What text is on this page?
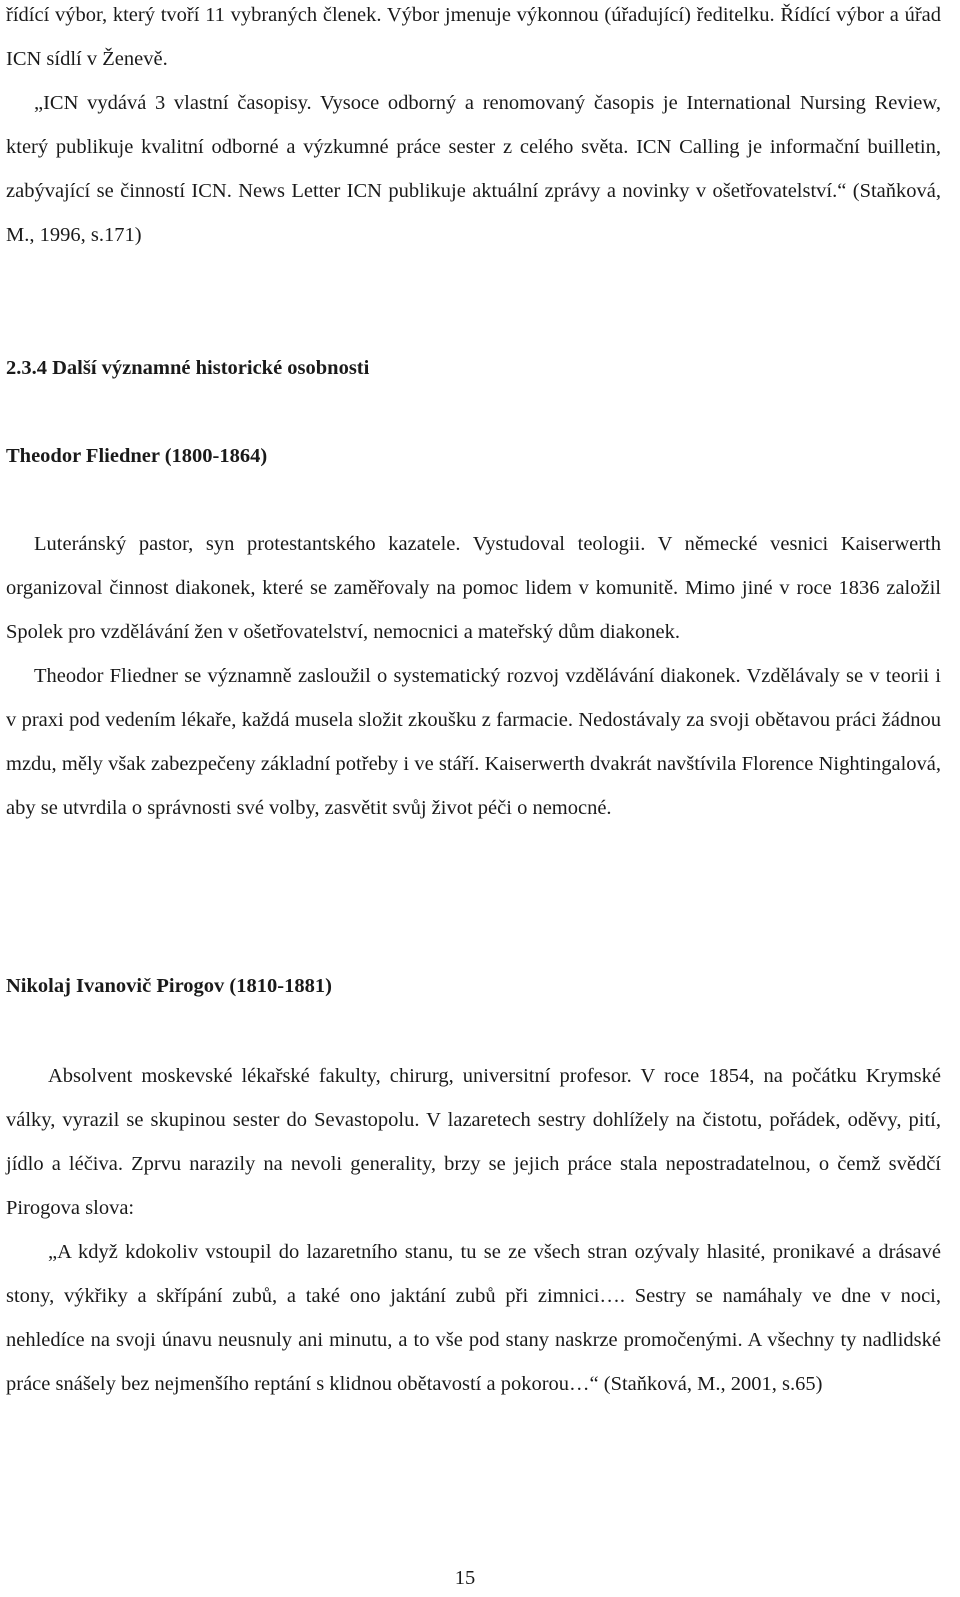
řídící výbor, který tvoří 11 vybraných členek. Výbor jmenuje výkonnou (úřadující) ředitelku. Řídící výbor a úřad ICN sídlí v Ženevě.

„ICN vydává 3 vlastní časopisy. Vysoce odborný a renomovaný časopis je International Nursing Review, který publikuje kvalitní odborné a výzkumné práce sester z celého světa. ICN Calling je informační builletin, zabývající se činností ICN. News Letter ICN publikuje aktuální zprávy a novinky v ošetřovatelství.“ (Staňková, M., 1996, s.171)

2.3.4 Další významné historické osobnosti

Theodor Fliedner (1800-1864)

Luteránský pastor, syn protestantského kazatele. Vystudoval teologii. V německé vesnici Kaiserwerth organizoval činnost diakonek, které se zaměřovaly na pomoc lidem v komunitě. Mimo jiné v roce 1836 založil Spolek pro vzdělávání žen v ošetřovatelství, nemocnici a mateřský dům diakonek.

Theodor Fliedner se významně zasloužil o systematický rozvoj vzdělávání diakonek. Vzdělávaly se v teorii i v praxi pod vedením lékaře, každá musela složit zkoušku z farmacie. Nedostávaly za svoji obětavou práci žádnou mzdu, měly však zabezpečeny základní potřeby i ve stáří. Kaiserwerth dvakrát navštívila Florence Nightingalová, aby se utvrdila o správnosti své volby, zasvětit svůj život péči o nemocné.

Nikolaj Ivanovič Pirogov (1810-1881)

Absolvent moskevské lékařské fakulty, chirurg, universitní profesor. V roce 1854, na počátku Krymské války, vyrazil se skupinou sester do Sevastopolu. V lazaretech sestry dohlížely na čistotu, pořádek, oděvy, pití, jídlo a léčiva. Zprvu narazily na nevoli generality, brzy se jejich práce stala nepostradatelnou, o čemž svědčí Pirogova slova:

„A když kdokoliv vstoupil do lazaretního stanu, tu se ze všech stran ozývaly hlasité, pronikavé a drásavé stony, výkřiky a skřípání zubů, a také ono jaktání zubů při zimnici…. Sestry se namáhaly ve dne v noci, nehledíce na svoji únavu neusnuly ani minutu, a to vše pod stany naskrze promočenými. A všechny ty nadlidské práce snášely bez nejmenšího reptání s klidnou obětavostí a pokorou…“ (Staňková, M., 2001, s.65)

15
